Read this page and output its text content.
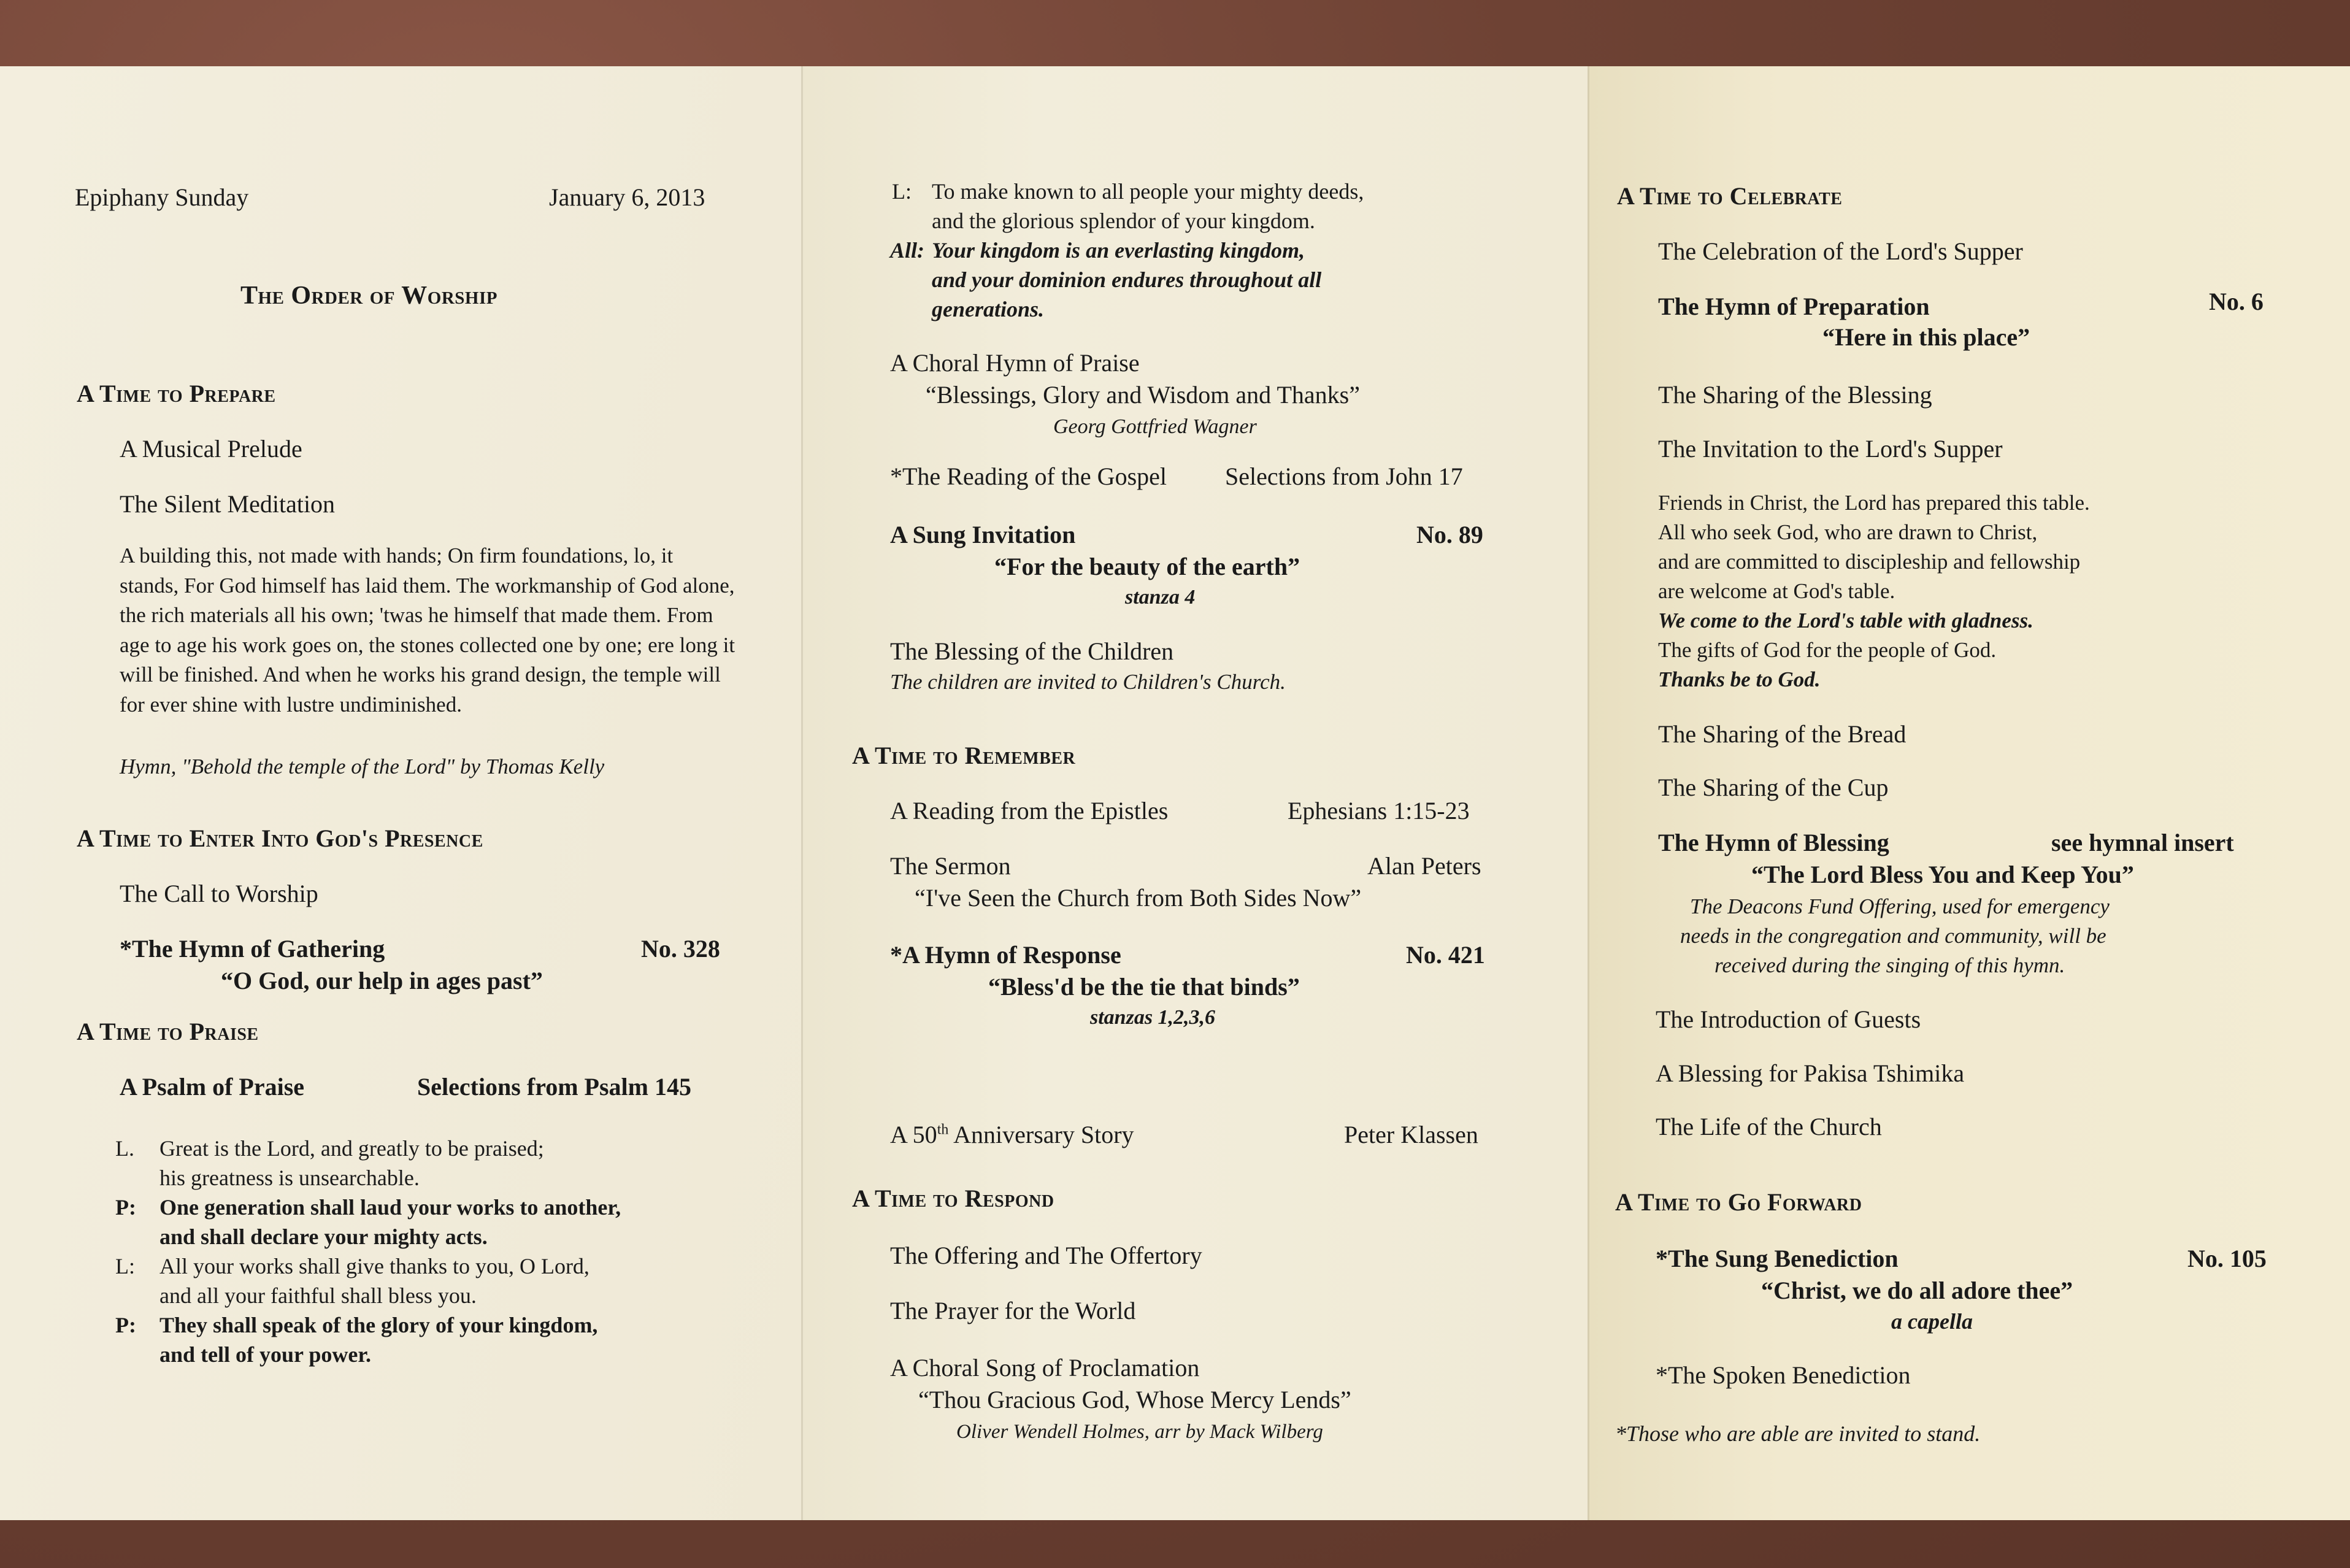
Epiphany Sunday	January 6, 2013
The Order of Worship
A Time to Prepare
A Musical Prelude
The Silent Meditation
A building this, not made with hands; On firm foundations, lo, it stands, For God himself has laid them. The workmanship of God alone, the rich materials all his own; 'twas he himself that made them. From age to age his work goes on, the stones collected one by one; ere long it will be finished. And when he works his grand design, the temple will for ever shine with lustre undiminished.
Hymn, "Behold the temple of the Lord" by Thomas Kelly
A Time to Enter Into God's Presence
The Call to Worship
*The Hymn of Gathering	No. 328
“O God, our help in ages past”
A Time to Praise
A Psalm of Praise	Selections from Psalm 145
L. Great is the Lord, and greatly to be praised;
his greatness is unsearchable.
P: One generation shall laud your works to another,
and shall declare your mighty acts.
L: All your works shall give thanks to you, O Lord,
and all your faithful shall bless you.
P: They shall speak of the glory of your kingdom,
and tell of your power.
L: To make known to all people your mighty deeds,
and the glorious splendor of your kingdom.
All: Your kingdom is an everlasting kingdom,
and your dominion endures throughout all
generations.
A Choral Hymn of Praise
“Blessings, Glory and Wisdom and Thanks”
Georg Gottfried Wagner
*The Reading of the Gospel Selections from John 17
A Sung Invitation	No. 89
“For the beauty of the earth”
stanza 4
The Blessing of the Children
The children are invited to Children's Church.
A Time to Remember
A Reading from the Epistles	Ephesians 1:15-23
The Sermon	Alan Peters
“I've Seen the Church from Both Sides Now”
*A Hymn of Response	No. 421
“Bless'd be the tie that binds”
stanzas 1,2,3,6
A 50th Anniversary Story	Peter Klassen
A Time to Respond
The Offering and The Offertory
The Prayer for the World
A Choral Song of Proclamation
“Thou Gracious God, Whose Mercy Lends”
Oliver Wendell Holmes, arr by Mack Wilberg
A Time to Celebrate
The Celebration of the Lord's Supper
The Hymn of Preparation	No. 6
“Here in this place”
The Sharing of the Blessing
The Invitation to the Lord's Supper
Friends in Christ, the Lord has prepared this table.
All who seek God, who are drawn to Christ,
and are committed to discipleship and fellowship
are welcome at God's table.
We come to the Lord's table with gladness.
The gifts of God for the people of God.
Thanks be to God.
The Sharing of the Bread
The Sharing of the Cup
The Hymn of Blessing	see hymnal insert
“The Lord Bless You and Keep You”
The Deacons Fund Offering, used for emergency
needs in the congregation and community, will be
received during the singing of this hymn.
The Introduction of Guests
A Blessing for Pakisa Tshimika
The Life of the Church
A Time to Go Forward
*The Sung Benediction	No. 105
“Christ, we do all adore thee”
a capella
*The Spoken Benediction
*Those who are able are invited to stand.
